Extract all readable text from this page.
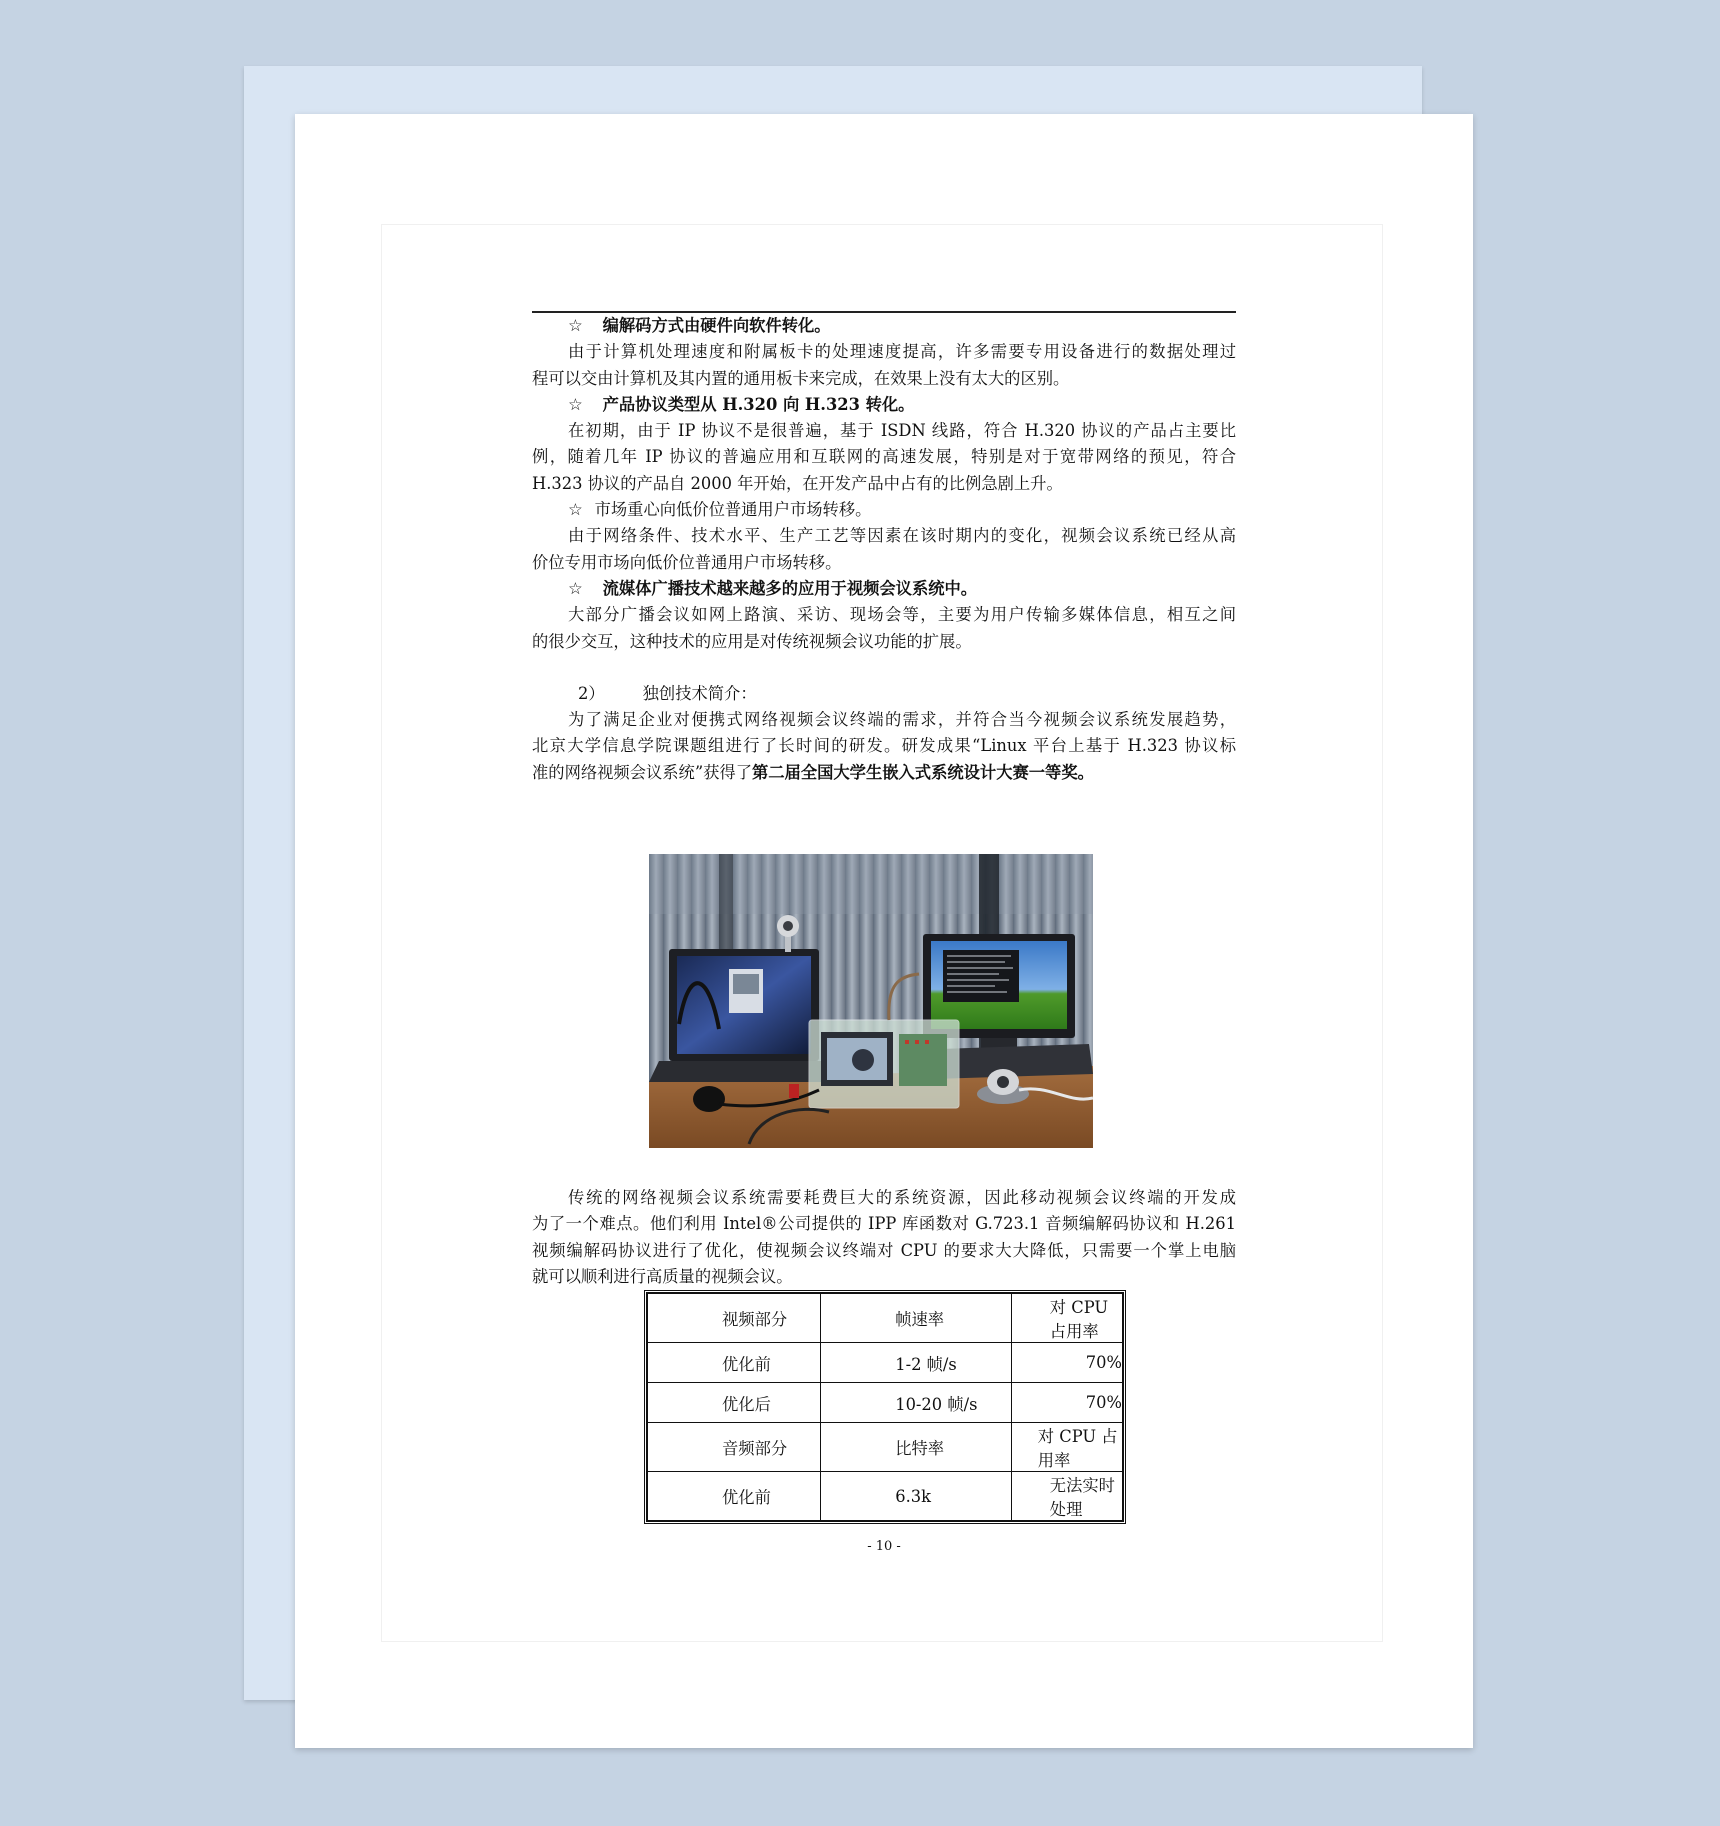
☆ 编解码方式由硬件向软件转化。
由于计算机处理速度和附属板卡的处理速度提高，许多需要专用设备进行的数据处理过
程可以交由计算机及其内置的通用板卡来完成，在效果上没有太大的区别。
☆ 产品协议类型从 H.320 向 H.323 转化。
在初期，由于 IP 协议不是很普遍，基于 ISDN 线路，符合 H.320 协议的产品占主要比
例，随着几年 IP 协议的普遍应用和互联网的高速发展，特别是对于宽带网络的预见，符合
H.323 协议的产品自 2000 年开始，在开发产品中占有的比例急剧上升。
☆ 市场重心向低价位普通用户市场转移。
由于网络条件、技术水平、生产工艺等因素在该时期内的变化，视频会议系统已经从高
价位专用市场向低价位普通用户市场转移。
☆ 流媒体广播技术越来越多的应用于视频会议系统中。
大部分广播会议如网上路演、采访、现场会等，主要为用户传输多媒体信息，相互之间
的很少交互，这种技术的应用是对传统视频会议功能的扩展。
2） 独创技术简介：
为了满足企业对便携式网络视频会议终端的需求，并符合当今视频会议系统发展趋势，
北京大学信息学院课题组进行了长时间的研发。研发成果“Linux 平台上基于 H.323 协议标
准的网络视频会议系统”获得了第二届全国大学生嵌入式系统设计大赛一等奖。
传统的网络视频会议系统需要耗费巨大的系统资源，因此移动视频会议终端的开发成
为了一个难点。他们利用 Intel®公司提供的 IPP 库函数对 G.723.1 音频编解码协议和 H.261
视频编解码协议进行了优化，使视频会议终端对 CPU 的要求大大降低，只需要一个掌上电脑
就可以顺利进行高质量的视频会议。
视频部分	帧速率	对 CPU 占用率
优化前	1-2 帧/s	70%
优化后	10-20 帧/s	70%
音频部分	比特率	对 CPU 占用率
优化前	6.3k	无法实时处理
- 10 -
